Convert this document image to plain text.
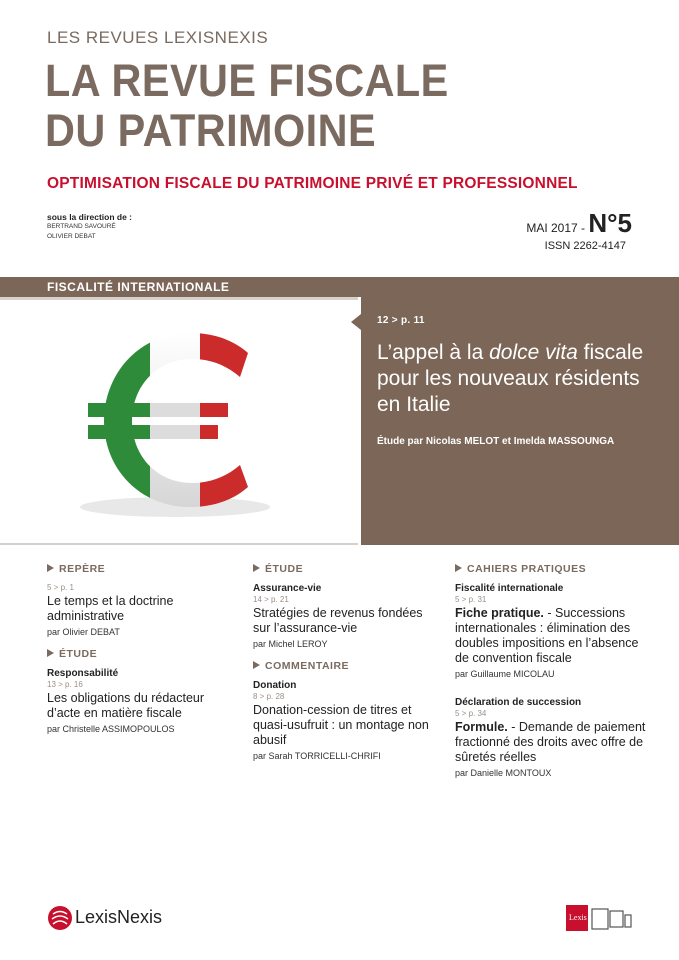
LES REVUES LEXISNEXIS
LA REVUE FISCALE
DU PATRIMOINE
OPTIMISATION FISCALE DU PATRIMOINE PRIVÉ ET PROFESSIONNEL
sous la direction de :
BERTRAND SAVOURÉ
OLIVIER DEBAT
MAI 2017 - N°5
ISSN 2262-4147
FISCALITÉ INTERNATIONALE
12 > p. 11
L’appel à la dolce vita fiscale pour les nouveaux résidents en Italie
Étude par Nicolas MELOT et Imelda MASSOUNGA
REPÈRE
5 > p. 1
Le temps et la doctrine administrative
par Olivier DEBAT
ÉTUDE
Responsabilité
13 > p. 16
Les obligations du rédacteur d’acte en matière fiscale
par Christelle ASSIMOPOULOS
ÉTUDE
Assurance-vie
14 > p. 21
Stratégies de revenus fondées sur l’assurance-vie
par Michel LEROY
COMMENTAIRE
Donation
8 > p. 28
Donation-cession de titres et quasi-usufruit : un montage non abusif
par Sarah TORRICELLI-CHRIFI
CAHIERS PRATIQUES
Fiscalité internationale
5 > p. 31
Fiche pratique. - Successions internationales : élimination des doubles impositions en l’absence de convention fiscale
par Guillaume MICOLAU
Déclaration de succession
5 > p. 34
Formule. - Demande de paiement fractionné des droits avec offre de sûretés réelles
par Danielle MONTOUX
LexisNexis	Lexis
